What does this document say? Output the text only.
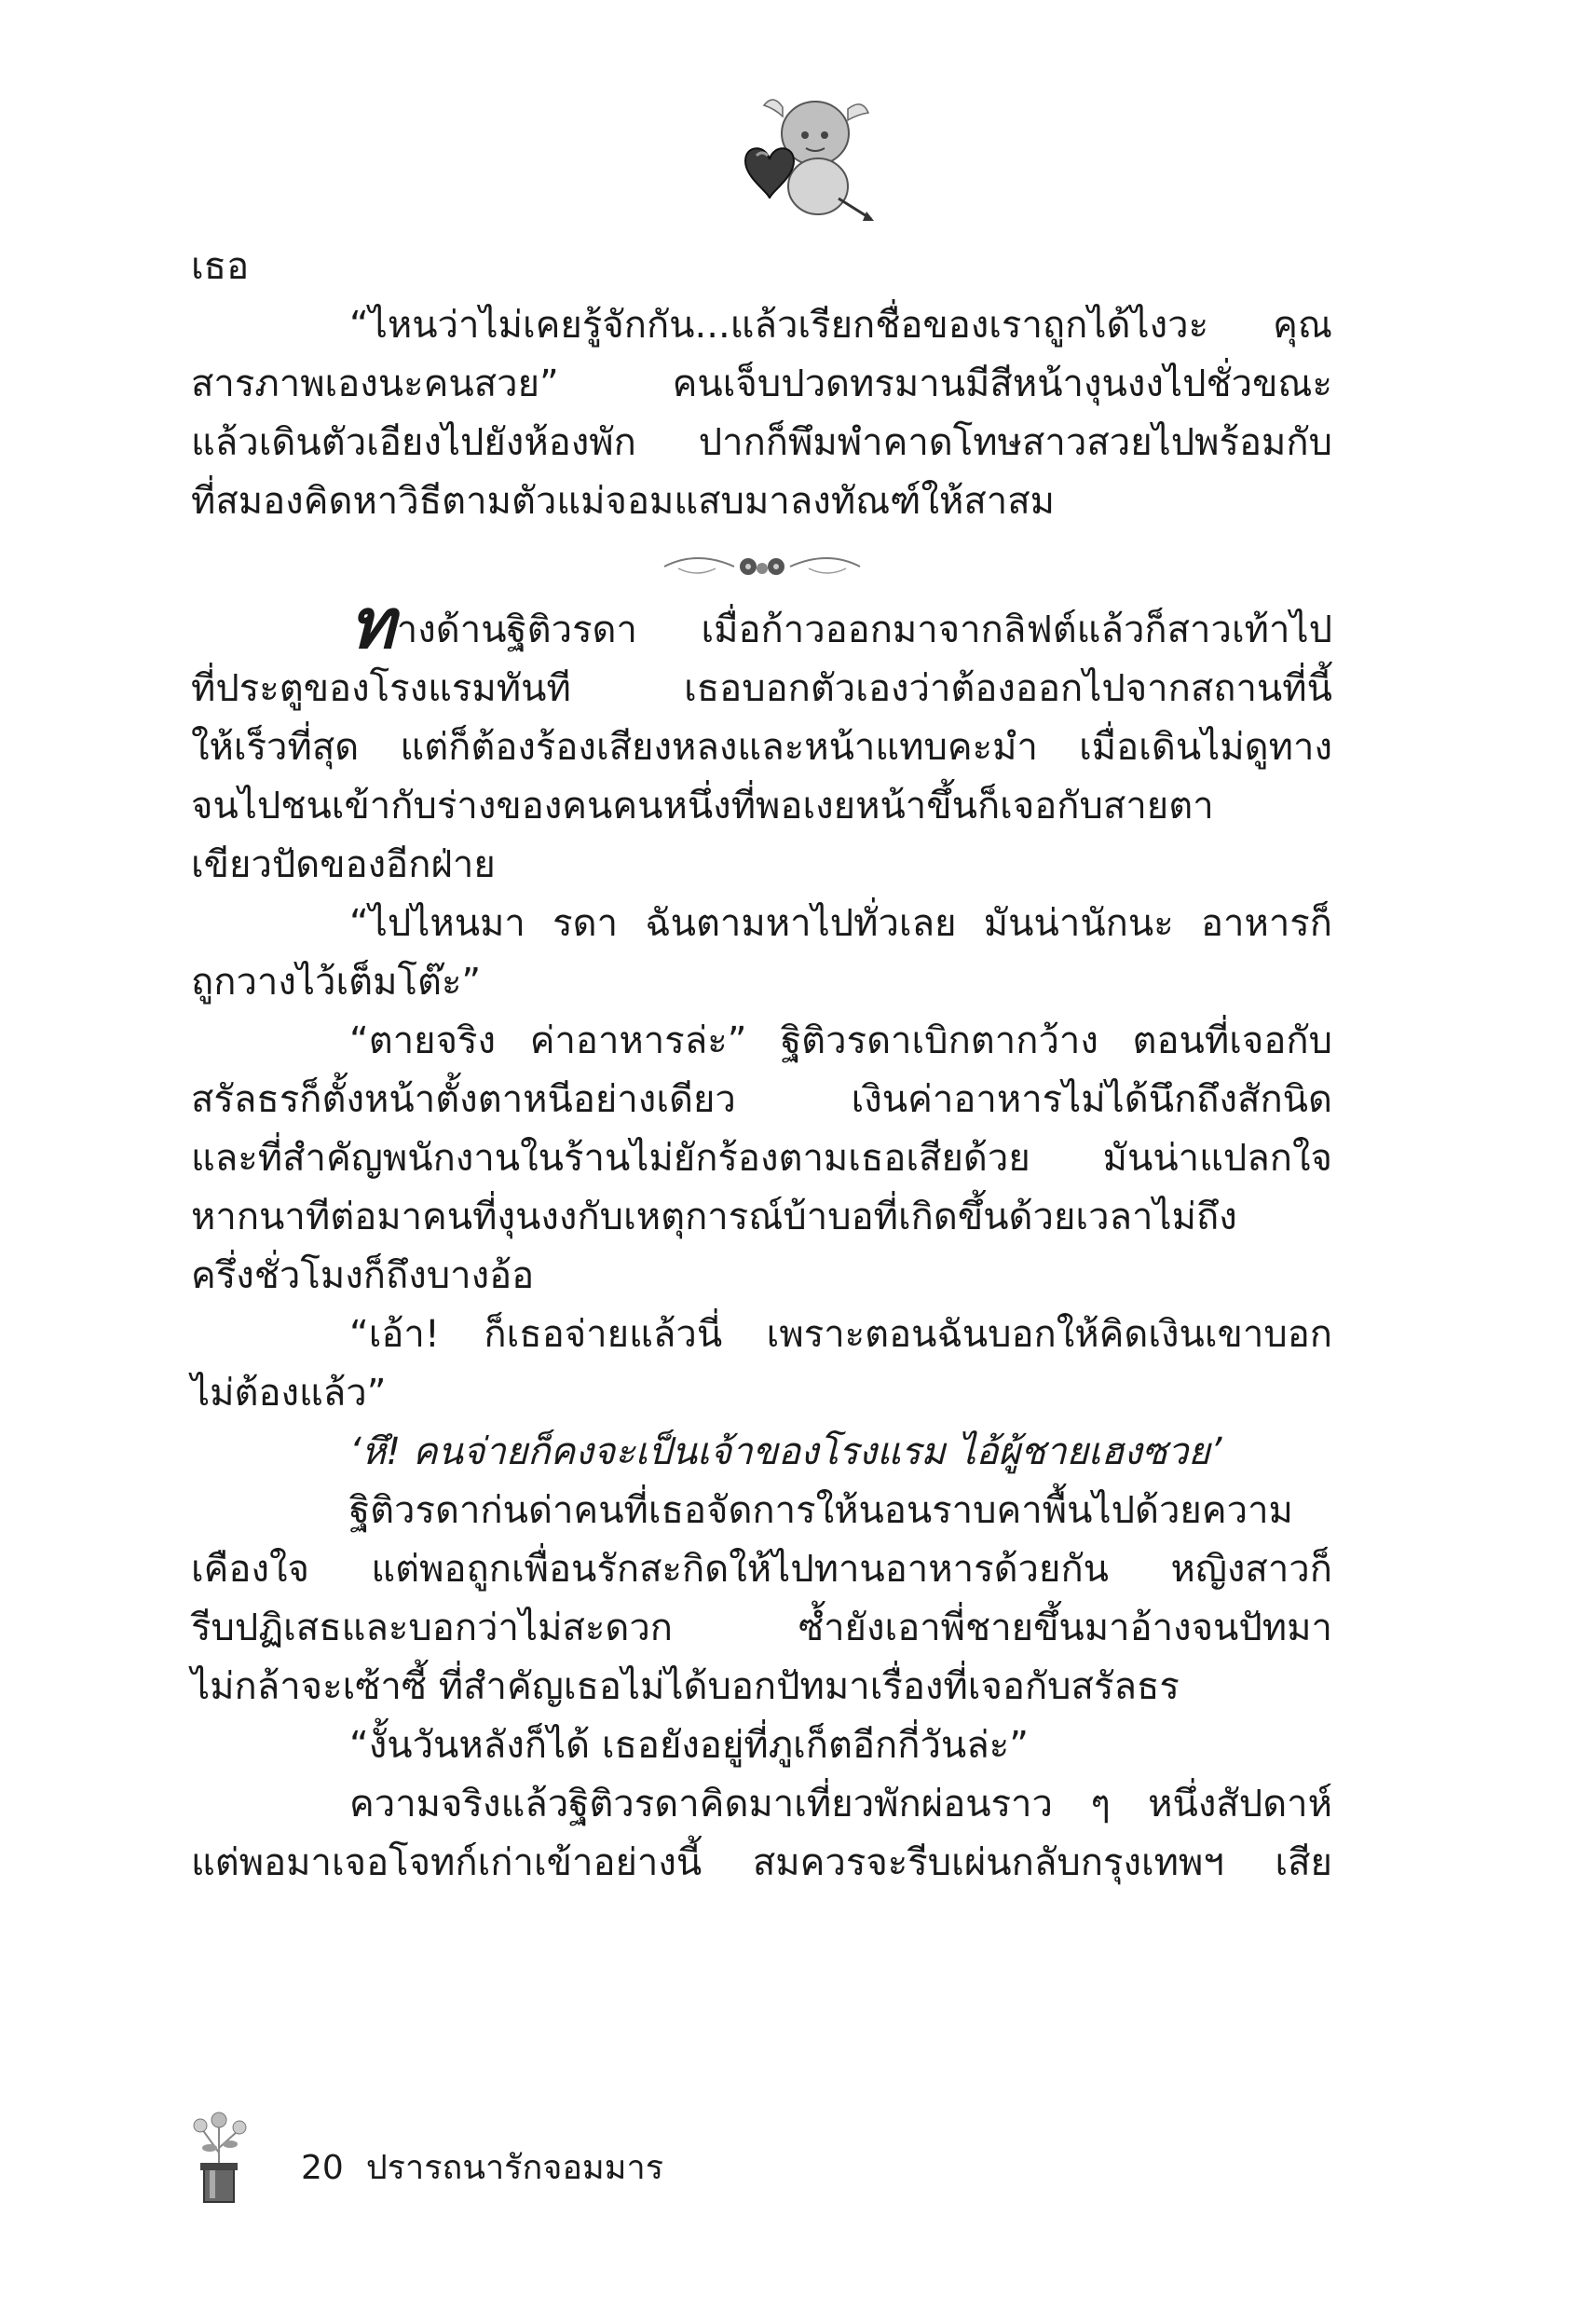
เธอ
“ไหนว่าไม่เคยรู้จักกัน...แล้วเรียกชื่อของเราถูกได้ไงวะ คุณ
สารภาพเองนะคนสวย” คนเจ็บปวดทรมานมีสีหน้างุนงงไปชั่วขณะ
แล้วเดินตัวเอียงไปยังห้องพัก ปากก็พึมพำคาดโทษสาวสวยไปพร้อมกับ
ที่สมองคิดหาวิธีตามตัวแม่จอมแสบมาลงทัณฑ์ให้สาสม
ทางด้านฐิติวรดา เมื่อก้าวออกมาจากลิฟต์แล้วก็สาวเท้าไป
ที่ประตูของโรงแรมทันที เธอบอกตัวเองว่าต้องออกไปจากสถานที่นี้
ให้เร็วที่สุด แต่ก็ต้องร้องเสียงหลงและหน้าแทบคะมำ เมื่อเดินไม่ดูทาง
จนไปชนเข้ากับร่างของคนคนหนึ่งที่พอเงยหน้าขึ้นก็เจอกับสายตา
เขียวปัดของอีกฝ่าย
“ไปไหนมา รดา ฉันตามหาไปทั่วเลย มันน่านักนะ อาหารก็
ถูกวางไว้เต็มโต๊ะ”
“ตายจริง ค่าอาหารล่ะ” ฐิติวรดาเบิกตากว้าง ตอนที่เจอกับ
สรัลธรก็ตั้งหน้าตั้งตาหนีอย่างเดียว เงินค่าอาหารไม่ได้นึกถึงสักนิด
และที่สำคัญพนักงานในร้านไม่ยักร้องตามเธอเสียด้วย มันน่าแปลกใจ
หากนาทีต่อมาคนที่งุนงงกับเหตุการณ์บ้าบอที่เกิดขึ้นด้วยเวลาไม่ถึง
ครึ่งชั่วโมงก็ถึงบางอ้อ
“เอ้า! ก็เธอจ่ายแล้วนี่ เพราะตอนฉันบอกให้คิดเงินเขาบอก
ไม่ต้องแล้ว”
‘หึ! คนจ่ายก็คงจะเป็นเจ้าของโรงแรม ไอ้ผู้ชายเฮงซวย’
ฐิติวรดาก่นด่าคนที่เธอจัดการให้นอนราบคาพื้นไปด้วยความ
เคืองใจ แต่พอถูกเพื่อนรักสะกิดให้ไปทานอาหารด้วยกัน หญิงสาวก็
รีบปฏิเสธและบอกว่าไม่สะดวก ซ้ำยังเอาพี่ชายขึ้นมาอ้างจนปัทมา
ไม่กล้าจะเซ้าซี้ ที่สำคัญเธอไม่ได้บอกปัทมาเรื่องที่เจอกับสรัลธร
“งั้นวันหลังก็ได้ เธอยังอยู่ที่ภูเก็ตอีกกี่วันล่ะ”
ความจริงแล้วฐิติวรดาคิดมาเที่ยวพักผ่อนราว ๆ หนึ่งสัปดาห์
แต่พอมาเจอโจทก์เก่าเข้าอย่างนี้ สมควรจะรีบเผ่นกลับกรุงเทพฯ เสีย
20 ปรารถนารักจอมมาร
